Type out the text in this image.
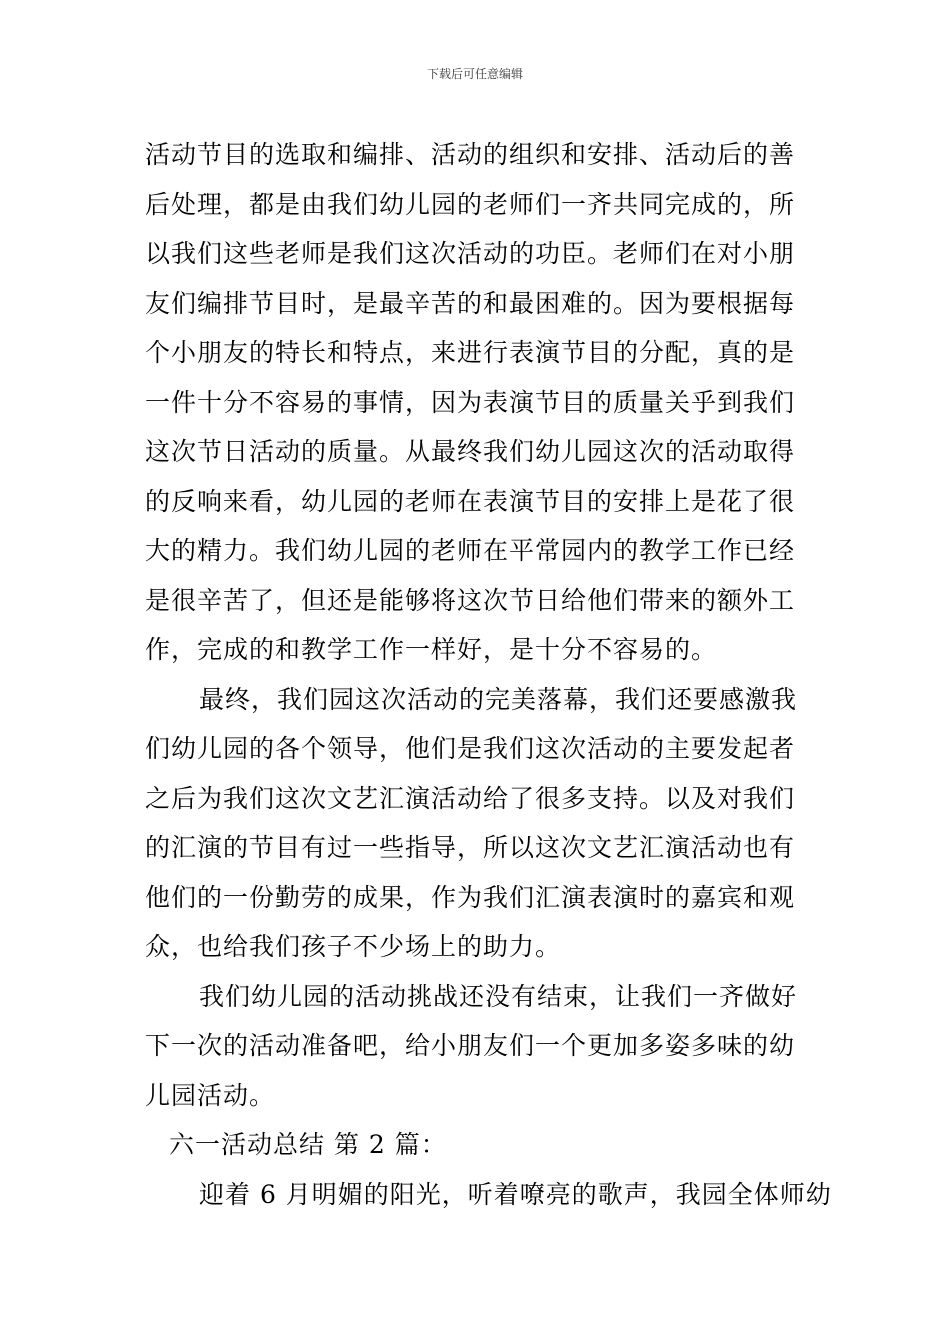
下载后可任意编辑
活动节目的选取和编排、活动的组织和安排、活动后的善
后处理，都是由我们幼儿园的老师们一齐共同完成的，所
以我们这些老师是我们这次活动的功臣。老师们在对小朋
友们编排节目时，是最辛苦的和最困难的。因为要根据每
个小朋友的特长和特点，来进行表演节目的分配，真的是
一件十分不容易的事情，因为表演节目的质量关乎到我们
这次节日活动的质量。从最终我们幼儿园这次的活动取得
的反响来看，幼儿园的老师在表演节目的安排上是花了很
大的精力。我们幼儿园的老师在平常园内的教学工作已经
是很辛苦了，但还是能够将这次节日给他们带来的额外工
作，完成的和教学工作一样好，是十分不容易的。
最终，我们园这次活动的完美落幕，我们还要感激我
们幼儿园的各个领导，他们是我们这次活动的主要发起者
之后为我们这次文艺汇演活动给了很多支持。以及对我们
的汇演的节目有过一些指导，所以这次文艺汇演活动也有
他们的一份勤劳的成果，作为我们汇演表演时的嘉宾和观
众，也给我们孩子不少场上的助力。
我们幼儿园的活动挑战还没有结束，让我们一齐做好
下一次的活动准备吧，给小朋友们一个更加多姿多味的幼
儿园活动。
六一活动总结 第 2 篇：
迎着 6 月明媚的阳光，听着嘹亮的歌声，我园全体师幼
